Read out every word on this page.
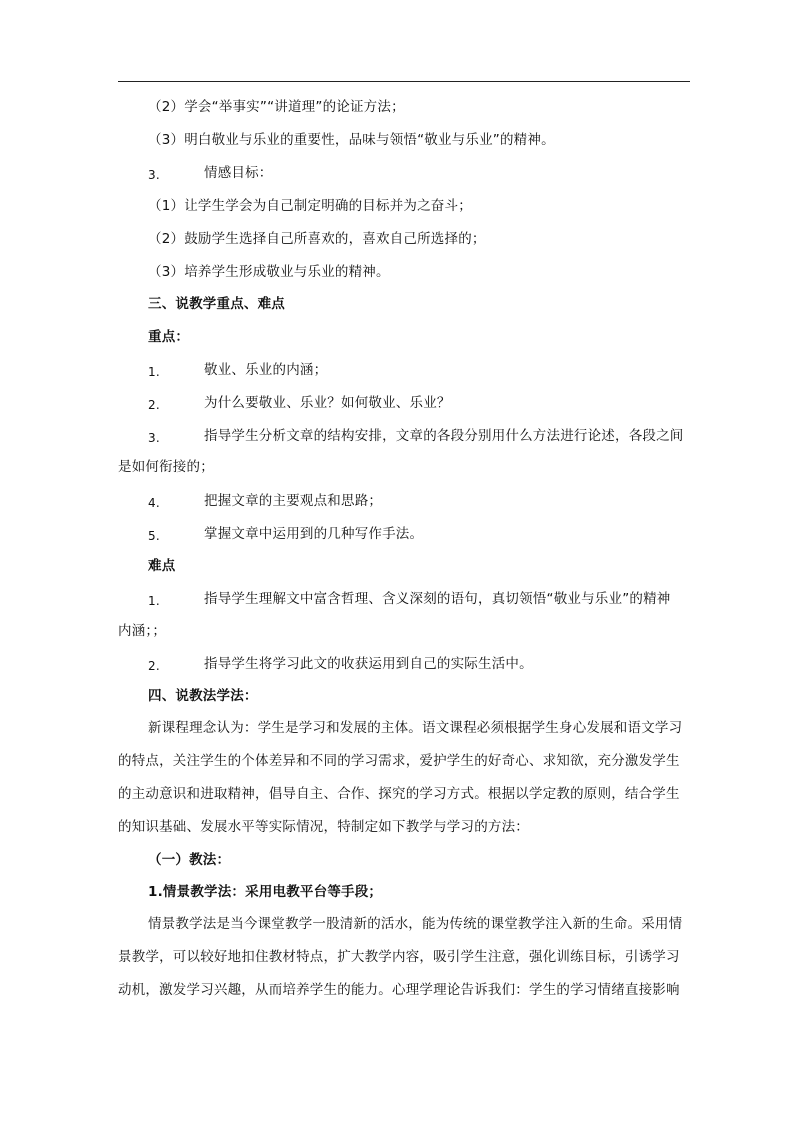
（2）学会“举事实”“讲道理”的论证方法；
（3）明白敬业与乐业的重要性，品味与领悟“敬业与乐业”的精神。
3.	情感目标：
（1）让学生学会为自己制定明确的目标并为之奋斗；
（2）鼓励学生选择自己所喜欢的，喜欢自己所选择的；
（3）培养学生形成敬业与乐业的精神。
三、说教学重点、难点
重点：
1.	敬业、乐业的内涵；
2.	为什么要敬业、乐业？如何敬业、乐业？
3.	指导学生分析文章的结构安排，文章的各段分别用什么方法进行论述，各段之间
是如何衔接的；
4.	把握文章的主要观点和思路；
5.	掌握文章中运用到的几种写作手法。
难点
1.	指导学生理解文中富含哲理、含义深刻的语句，真切领悟“敬业与乐业”的精神
内涵；；
2.	指导学生将学习此文的收获运用到自己的实际生活中。
四、说教法学法：
新课程理念认为：学生是学习和发展的主体。语文课程必须根据学生身心发展和语文学习
的特点，关注学生的个体差异和不同的学习需求，爱护学生的好奇心、求知欲，充分激发学生
的主动意识和进取精神，倡导自主、合作、探究的学习方式。根据以学定教的原则，结合学生
的知识基础、发展水平等实际情况，特制定如下教学与学习的方法：
（一）教法：
1.情景教学法：采用电教平台等手段；
情景教学法是当今课堂教学一股清新的活水，能为传统的课堂教学注入新的生命。采用情
景教学，可以较好地扣住教材特点，扩大教学内容，吸引学生注意，强化训练目标，引诱学习
动机，激发学习兴趣，从而培养学生的能力。心理学理论告诉我们：学生的学习情绪直接影响
